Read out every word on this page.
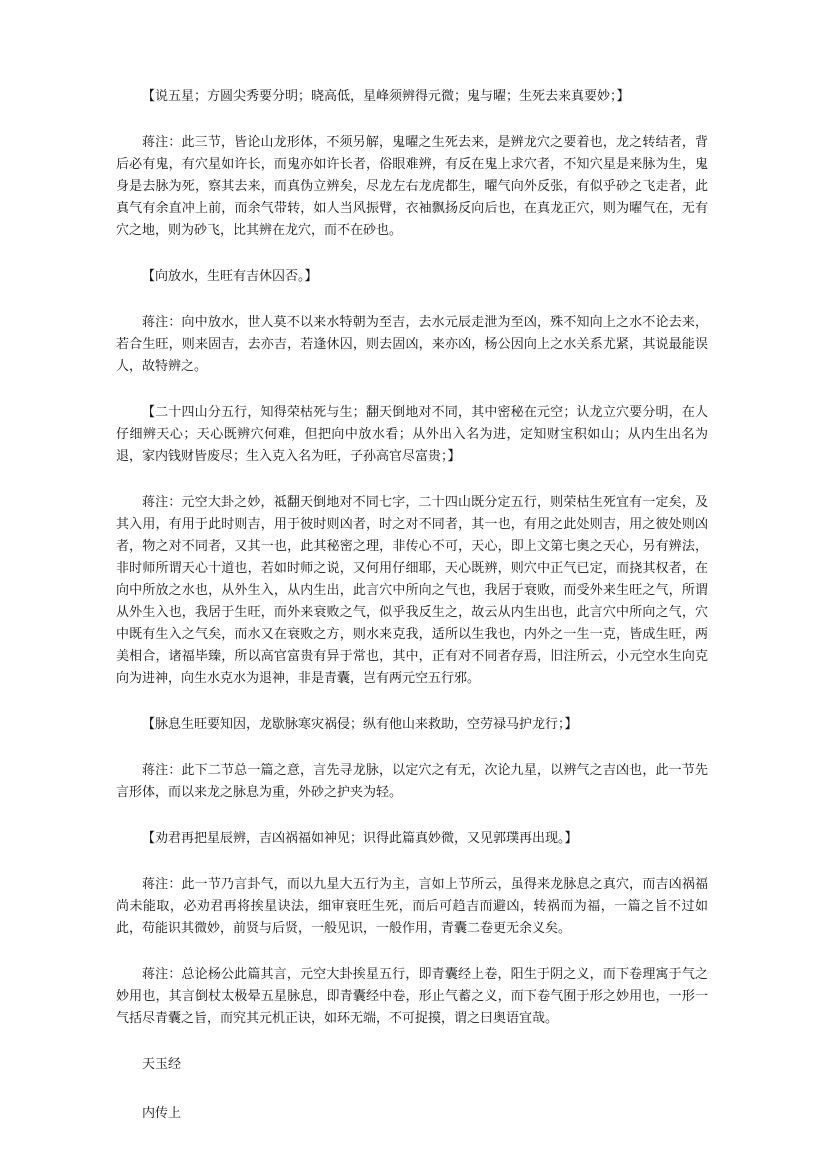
【说五星；方圆尖秀要分明；晓高低，星峰须辨得元微；鬼与曜；生死去来真要妙；】

蒋注：此三节，皆论山龙形体，不须另解，鬼曜之生死去来，是辨龙穴之要着也，龙之转结者，背后必有鬼，有穴星如许长，而鬼亦如许长者，俗眼难辨，有反在鬼上求穴者，不知穴星是来脉为生，鬼身是去脉为死，察其去来，而真伪立辨矣，尽龙左右龙虎都生，曜气向外反张，有似乎砂之飞走者，此真气有余直冲上前，而余气带转，如人当风振臂，衣袖飘扬反向后也，在真龙正穴，则为曜气在，无有穴之地，则为砂飞，比其辨在龙穴，而不在砂也。

【向放水，生旺有吉休囚否。】

蒋注：向中放水，世人莫不以来水特朝为至吉，去水元辰走泄为至凶，殊不知向上之水不论去来，若合生旺，则来固吉，去亦吉，若逢休囚，则去固凶，来亦凶，杨公因向上之水关系尤紧，其说最能误人，故特辨之。

【二十四山分五行，知得荣枯死与生；翻天倒地对不同，其中密秘在元空；认龙立穴要分明，在人仔细辨天心；天心既辨穴何难，但把向中放水看；从外出入名为进，定知财宝积如山；从内生出名为退，家内钱财皆废尽；生入克入名为旺，子孙高官尽富贵；】

蒋注：元空大卦之妙，祗翻天倒地对不同七字，二十四山既分定五行，则荣枯生死宜有一定矣，及其入用，有用于此时则吉，用于彼时则凶者，时之对不同者，其一也，有用之此处则吉，用之彼处则凶者，物之对不同者，又其一也，此其秘密之理，非传心不可，天心，即上文第七奥之天心，另有辨法，非时师所谓天心十道也，若如时师之说，又何用仔细耶，天心既辨，则穴中正气已定，而挠其权者，在向中所放之水也，从外生入，从内生出，此言穴中所向之气也，我居于衰败，而受外来生旺之气，所谓从外生入也，我居于生旺，而外来衰败之气，似乎我反生之，故云从内生出也，此言穴中所向之气，穴中既有生入之气矣，而水又在衰败之方，则水来克我，适所以生我也，内外之一生一克，皆成生旺，两美相合，诸福毕臻，所以高官富贵有异于常也，其中，正有对不同者存焉，旧注所云，小元空水生向克向为进神，向生水克水为退神，非是青囊，岂有两元空五行邪。

【脉息生旺要知因，龙歇脉寒灾祸侵；纵有他山来救助，空劳禄马护龙行；】

蒋注：此下二节总一篇之意，言先寻龙脉，以定穴之有无，次论九星，以辨气之吉凶也，此一节先言形体，而以来龙之脉息为重，外砂之护夹为轻。

【劝君再把星辰辨，吉凶祸福如神见；识得此篇真妙微，又见郭璞再出现。】

蒋注：此一节乃言卦气，而以九星大五行为主，言如上节所云，虽得来龙脉息之真穴，而吉凶祸福尚未能取，必劝君再将挨星诀法，细审衰旺生死，而后可趋吉而避凶，转祸而为福，一篇之旨不过如此，苟能识其微妙，前贤与后贤，一般见识，一般作用，青囊二卷更无余义矣。

蒋注：总论杨公此篇其言，元空大卦挨星五行，即青囊经上卷，阳生于阴之义，而下卷理寓于气之妙用也，其言倒杖太极晕五星脉息，即青囊经中卷，形止气蓄之义，而下卷气囿于形之妙用也，一形一气括尽青囊之旨，而究其元机正诀，如环无端，不可捉摸，谓之曰奥语宜哉。

天玉经

内传上
